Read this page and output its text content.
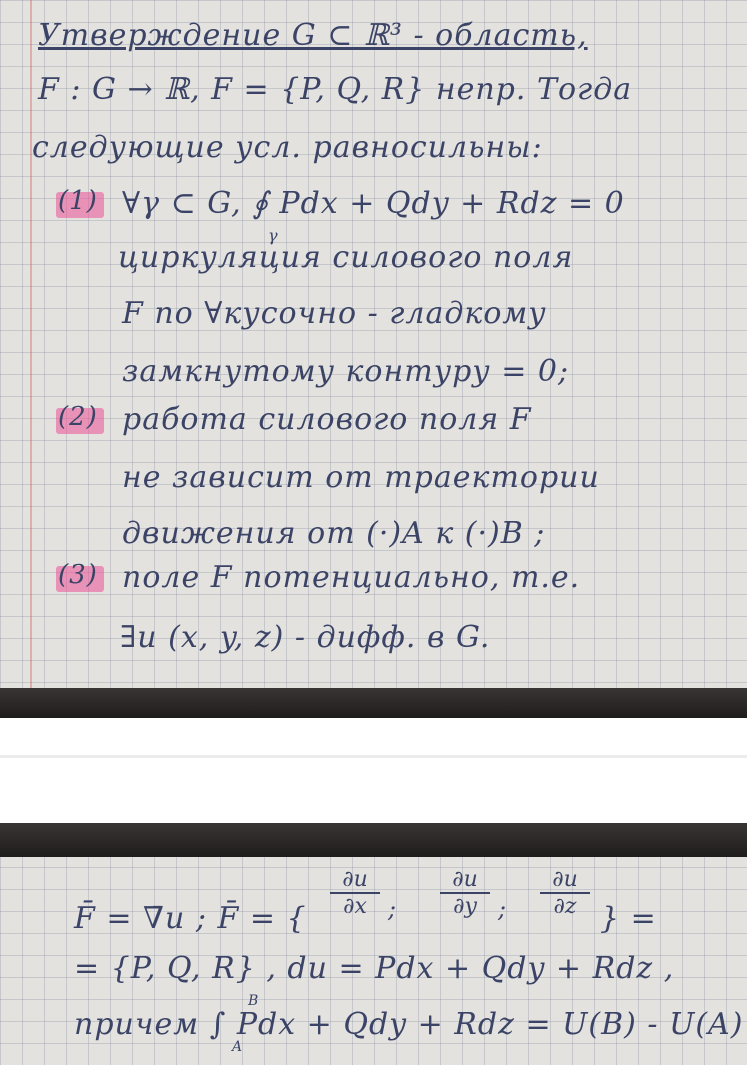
Утверждение G ⊂ ℝ³ - область,
F : G → ℝ, F = {P, Q, R} непр. Тогда
следующие усл. равносильны:
(1) ∀γ ⊂ G, ∮ Pdx + Qdy + Rdz = 0
γ
циркуляция силового поля
F по ∀кусочно - гладкому
замкнутому контуру = 0;
(2) работа силового поля F
не зависит от траектории
движения от (·)A к (·)B ;
(3) поле F потенциально, т.е.
∃u (x, y, z) - дифф. в G.
F̄ = ∇̄u ; F̄ = { $\frac{\partial u}{\partial x}$ ; $\frac{\partial u}{\partial y}$ ; $\frac{\partial u}{\partial z}$ } =
= {P, Q, R} , du = Pdx + Qdy + Rdz ,
B
причем ∫ Pdx + Qdy + Rdz = U(B) - U(A)
A
